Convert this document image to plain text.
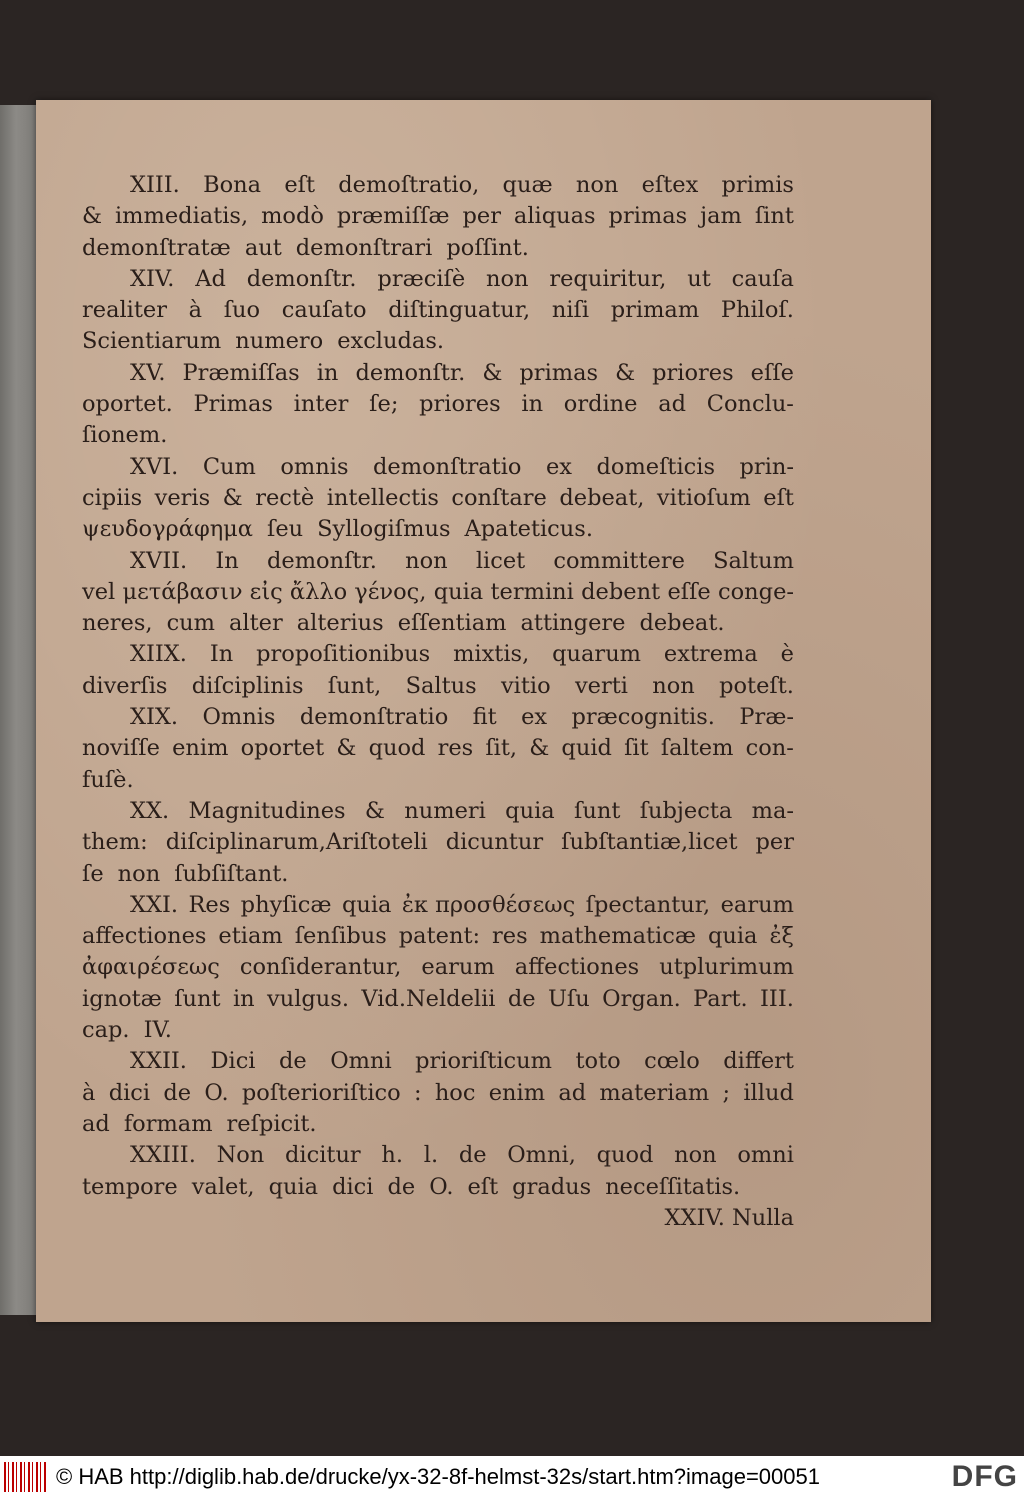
XIII. Bona eſt demoſtratio, quæ non eſtex primis
& immediatis, modò præmiſſæ per aliquas primas jam ſint
demonſtratæ aut demonſtrari poſſint.
XIV. Ad demonſtr. præciſè non requiritur, ut cauſa
realiter à ſuo cauſato diſtinguatur, niſi primam Philoſ.
Scientiarum numero excludas.
XV. Præmiſſas in demonſtr. & primas & priores eſſe
oportet. Primas inter ſe; priores in ordine ad Conclu-
ſionem.
XVI. Cum omnis demonſtratio ex domeſticis prin-
cipiis veris & rectè intellectis conſtare debeat, vitioſum eſt
ψευδογράφημα ſeu Syllogiſmus Apateticus.
XVII. In demonſtr. non licet committere Saltum
vel μετάβασιν εἰς ἄλλο γένος, quia termini debent eſſe conge-
neres, cum alter alterius eſſentiam attingere debeat.
XIIX. In propoſitionibus mixtis, quarum extrema è
diverſis diſciplinis ſunt, Saltus vitio verti non poteſt.
XIX. Omnis demonſtratio fit ex præcognitis. Præ-
noviſſe enim oportet & quod res ſit, & quid ſit ſaltem con-
fuſè.
XX. Magnitudines & numeri quia ſunt ſubjecta ma-
them: diſciplinarum,Ariſtoteli dicuntur ſubſtantiæ,licet per
ſe non ſubſiſtant.
XXI. Res phyſicæ quia ἐκ προσθέσεως ſpectantur, earum
affectiones etiam ſenſibus patent: res mathematicæ quia ἐξ
ἀφαιρέσεως conſiderantur, earum affectiones utplurimum
ignotæ ſunt in vulgus. Vid.Neldelii de Uſu Organ. Part. III.
cap. IV.
XXII. Dici de Omni prioriſticum toto cœlo differt
à dici de O. poſterioriſtico : hoc enim ad materiam ; illud
ad formam reſpicit.
XXIII. Non dicitur h. l. de Omni, quod non omni
tempore valet, quia dici de O. eſt gradus neceſſitatis.
XXIV. Nulla
© HAB http://diglib.hab.de/drucke/yx-32-8f-helmst-32s/start.htm?image=00051	DFG
